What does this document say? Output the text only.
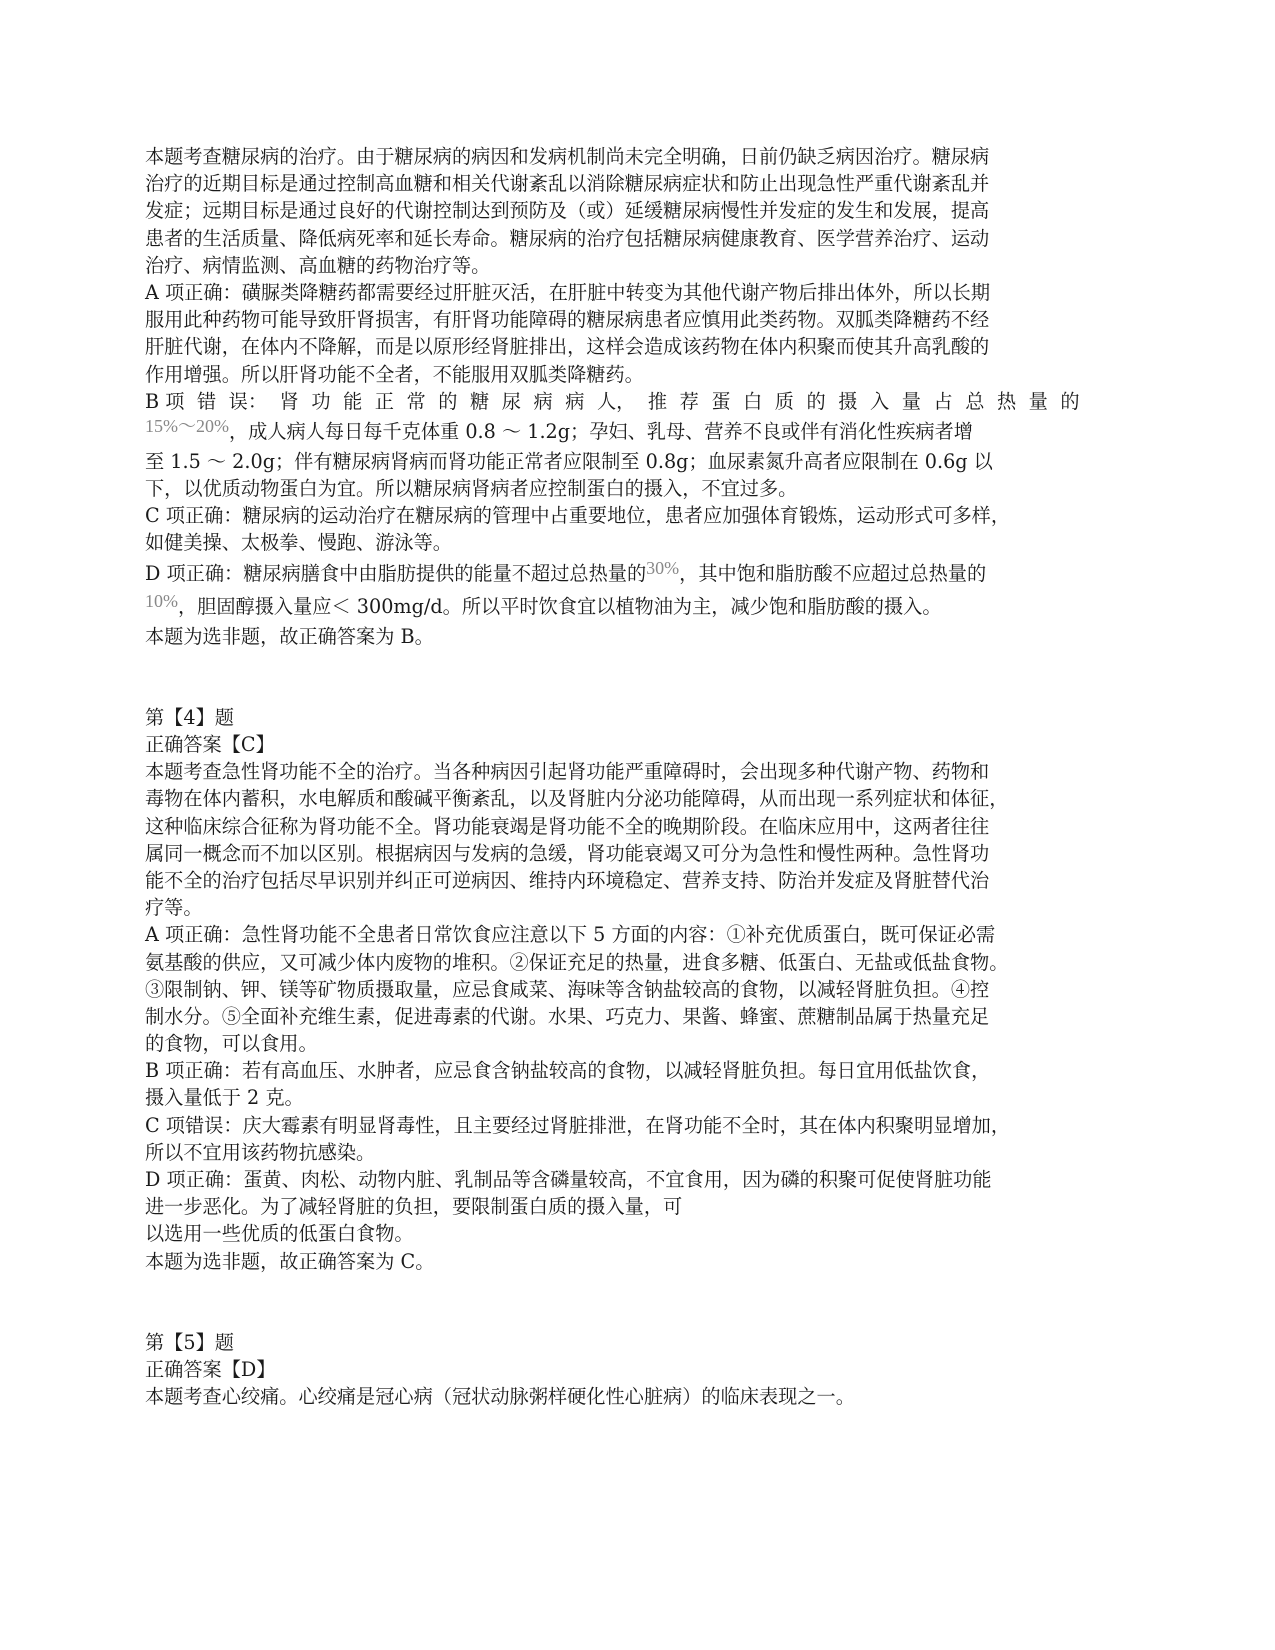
本题考查糖尿病的治疗。由于糖尿病的病因和发病机制尚未完全明确，日前仍缺乏病因治疗。糖尿病
治疗的近期目标是通过控制高血糖和相关代谢紊乱以消除糖尿病症状和防止出现急性严重代谢紊乱并
发症；远期目标是通过良好的代谢控制达到预防及（或）延缓糖尿病慢性并发症的发生和发展，提高
患者的生活质量、降低病死率和延长寿命。糖尿病的治疗包括糖尿病健康教育、医学营养治疗、运动
治疗、病情监测、高血糖的药物治疗等。
A 项正确：磺脲类降糖药都需要经过肝脏灭活，在肝脏中转变为其他代谢产物后排出体外，所以长期
服用此种药物可能导致肝肾损害，有肝肾功能障碍的糖尿病患者应慎用此类药物。双胍类降糖药不经
肝脏代谢，在体内不降解，而是以原形经肾脏排出，这样会造成该药物在体内积聚而使其升高乳酸的
作用增强。所以肝肾功能不全者，不能服用双胍类降糖药。
B 项 错 误： 肾 功 能 正 常 的 糖 尿 病 病 人， 推 荐 蛋 白 质 的 摄 入 量 占 总 热 量 的
15%～20%，成人病人每日每千克体重 0.8 ～ 1.2g；孕妇、乳母、营养不良或伴有消化性疾病者增
至 1.5 ～ 2.0g；伴有糖尿病肾病而肾功能正常者应限制至 0.8g；血尿素氮升高者应限制在 0.6g 以
下，以优质动物蛋白为宜。所以糖尿病肾病者应控制蛋白的摄入，不宜过多。
C 项正确：糖尿病的运动治疗在糖尿病的管理中占重要地位，患者应加强体育锻炼，运动形式可多样，
如健美操、太极拳、慢跑、游泳等。
D 项正确：糖尿病膳食中由脂肪提供的能量不超过总热量的30%，其中饱和脂肪酸不应超过总热量的
10%，胆固醇摄入量应＜ 300mg/d。所以平时饮食宜以植物油为主，减少饱和脂肪酸的摄入。
本题为选非题，故正确答案为 B。
第【4】题
正确答案【C】
本题考查急性肾功能不全的治疗。当各种病因引起肾功能严重障碍时，会出现多种代谢产物、药物和
毒物在体内蓄积，水电解质和酸碱平衡紊乱，以及肾脏内分泌功能障碍，从而出现一系列症状和体征，
这种临床综合征称为肾功能不全。肾功能衰竭是肾功能不全的晚期阶段。在临床应用中，这两者往往
属同一概念而不加以区别。根据病因与发病的急缓，肾功能衰竭又可分为急性和慢性两种。急性肾功
能不全的治疗包括尽早识别并纠正可逆病因、维持内环境稳定、营养支持、防治并发症及肾脏替代治
疗等。
A 项正确：急性肾功能不全患者日常饮食应注意以下 5 方面的内容：①补充优质蛋白，既可保证必需
氨基酸的供应，又可减少体内废物的堆积。②保证充足的热量，进食多糖、低蛋白、无盐或低盐食物。
③限制钠、钾、镁等矿物质摄取量，应忌食咸菜、海味等含钠盐较高的食物，以减轻肾脏负担。④控
制水分。⑤全面补充维生素，促进毒素的代谢。水果、巧克力、果酱、蜂蜜、蔗糖制品属于热量充足
的食物，可以食用。
B 项正确：若有高血压、水肿者，应忌食含钠盐较高的食物，以减轻肾脏负担。每日宜用低盐饮食，
摄入量低于 2 克。
C 项错误：庆大霉素有明显肾毒性，且主要经过肾脏排泄，在肾功能不全时，其在体内积聚明显增加，
所以不宜用该药物抗感染。
D 项正确：蛋黄、肉松、动物内脏、乳制品等含磷量较高，不宜食用，因为磷的积聚可促使肾脏功能
进一步恶化。为了减轻肾脏的负担，要限制蛋白质的摄入量，可
以选用一些优质的低蛋白食物。
本题为选非题，故正确答案为 C。
第【5】题
正确答案【D】
本题考查心绞痛。心绞痛是冠心病（冠状动脉粥样硬化性心脏病）的临床表现之一。
